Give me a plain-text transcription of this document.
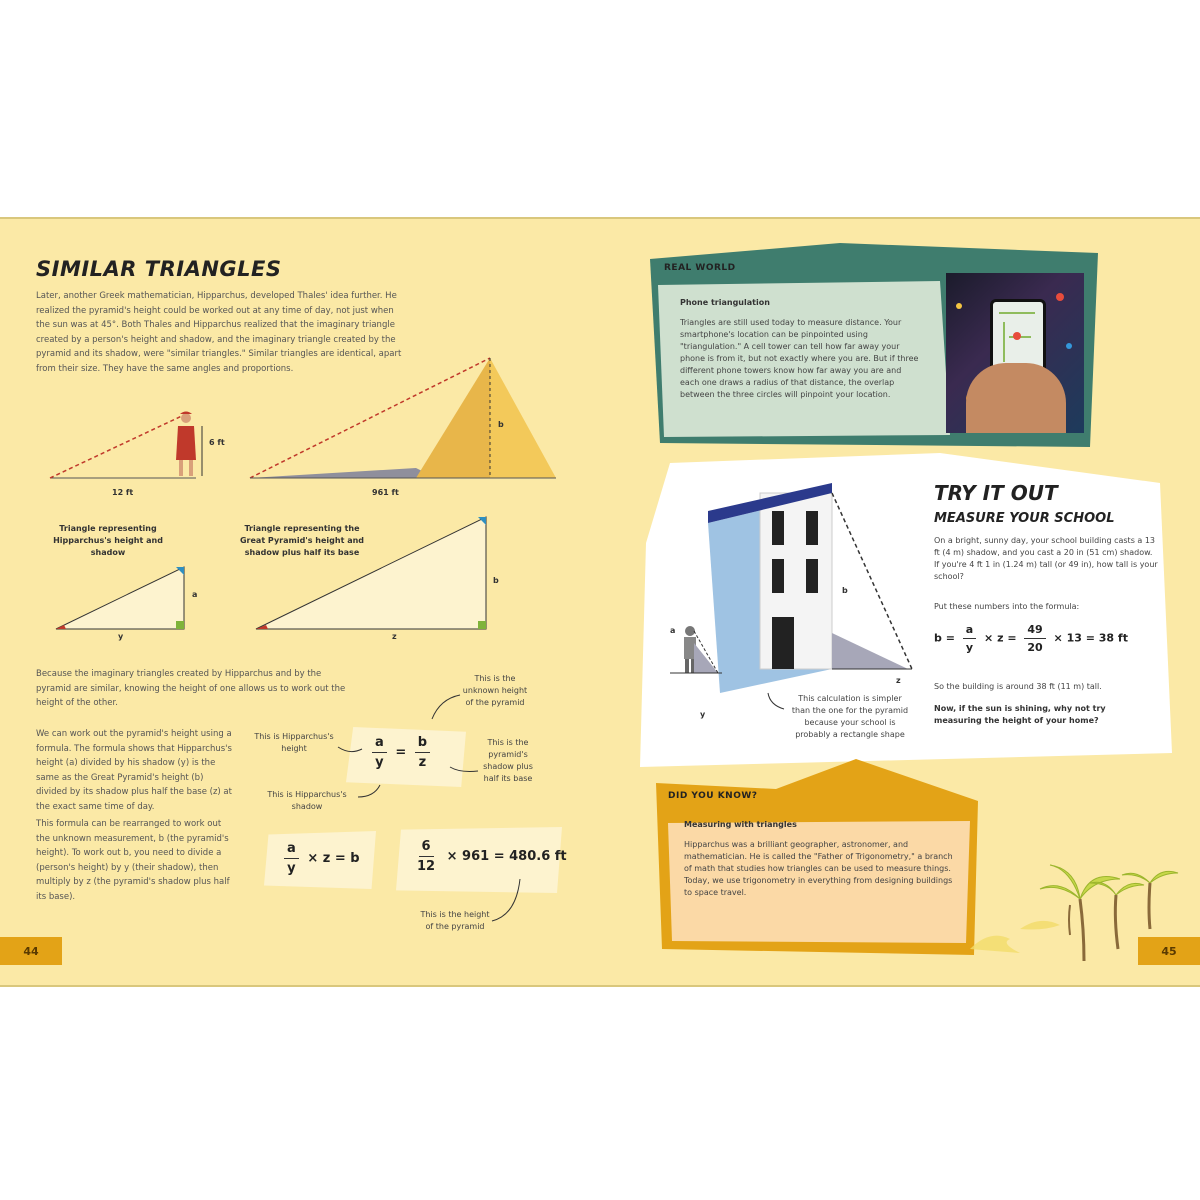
SIMILAR TRIANGLES
Later, another Greek mathematician, Hipparchus, developed Thales' idea further. He realized the pyramid's height could be worked out at any time of day, not just when the sun was at 45°. Both Thales and Hipparchus realized that the imaginary triangle created by a person's height and shadow, and the imaginary triangle created by the pyramid and its shadow, were "similar triangles." Similar triangles are identical, apart from their size. They have the same angles and proportions.
6 ft
12 ft	961 ft
b
Triangle representing Hipparchus's height and shadow
Triangle representing the Great Pyramid's height and shadow plus half its base
a
y
b
z
Because the imaginary triangles created by Hipparchus and by the pyramid are similar, knowing the height of one allows us to work out the height of the other.
We can work out the pyramid's height using a formula. The formula shows that Hipparchus's height (a) divided by his shadow (y) is the same as the Great Pyramid's height (b) divided by its shadow plus half the base (z) at the exact same time of day.
This formula can be rearranged to work out the unknown measurement, b (the pyramid's height). To work out b, you need to divide a (person's height) by y (their shadow), then multiply by z (the pyramid's shadow plus half its base).
$\frac{a}{y} = \frac{b}{z}$
This is Hipparchus's height
This is Hipparchus's shadow
This is the unknown height of the pyramid
This is the pyramid's shadow plus half its base
$\frac{a}{y} \times z = b$	$\frac{6}{12} \times 961 = 480.6$ ft
This is the height of the pyramid
44
REAL WORLD
Phone triangulation
Triangles are still used today to measure distance. Your smartphone's location can be pinpointed using "triangulation." A cell tower can tell how far away your phone is from it, but not exactly where you are. But if three different phone towers know how far away you are and each one draws a radius of that distance, the overlap between the three circles will pinpoint your location.
TRY IT OUT
MEASURE YOUR SCHOOL
On a bright, sunny day, your school building casts a 13 ft (4 m) shadow, and you cast a 20 in (51 cm) shadow. If you're 4 ft 1 in (1.24 m) tall (or 49 in), how tall is your school?
Put these numbers into the formula:
$b = \frac{a}{y} \times z = \frac{49}{20} \times 13 = 38$ ft
So the building is around 38 ft (11 m) tall.
Now, if the sun is shining, why not try measuring the height of your home?
a
y
b
z
This calculation is simpler than the one for the pyramid because your school is probably a rectangle shape
DID YOU KNOW?
Measuring with triangles
Hipparchus was a brilliant geographer, astronomer, and mathematician. He is called the "Father of Trigonometry," a branch of math that studies how triangles can be used to measure things. Today, we use trigonometry in everything from designing buildings to space travel.
45
